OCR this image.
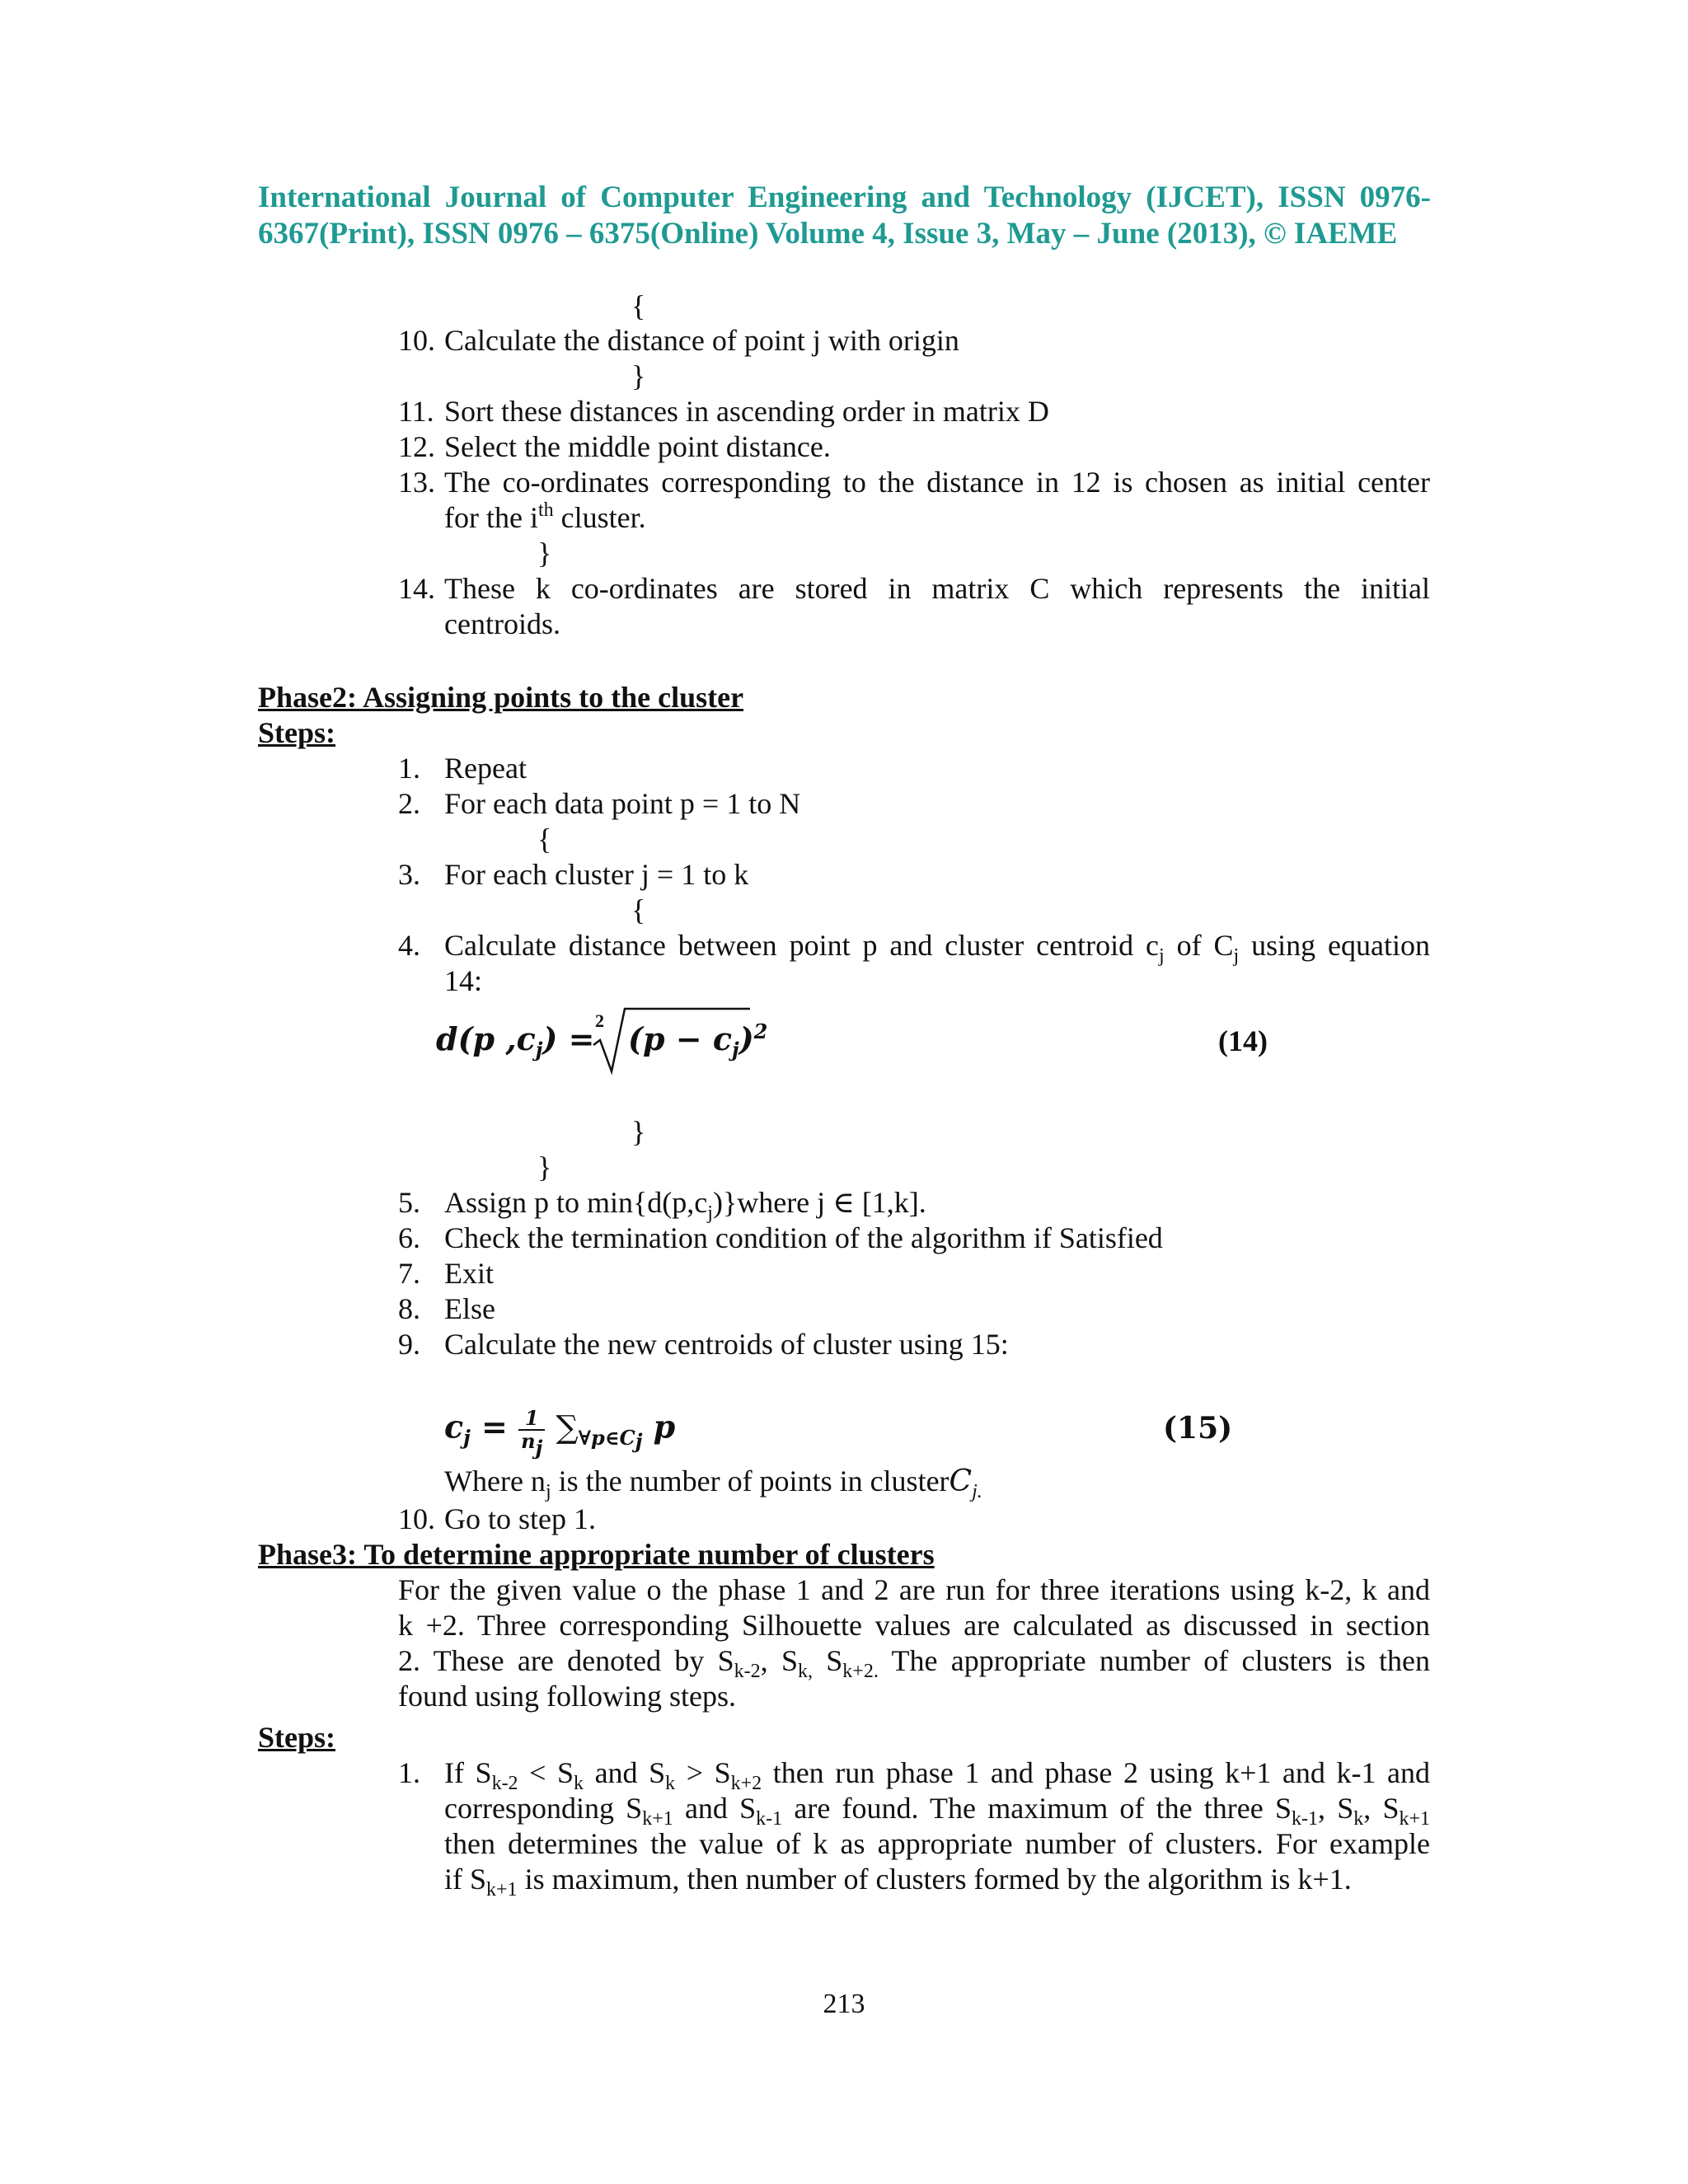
International Journal of Computer Engineering and Technology (IJCET), ISSN 0976-6367(Print), ISSN 0976 – 6375(Online) Volume 4, Issue 3, May – June (2013), © IAEME
{
10. Calculate the distance of point j with origin
}
11. Sort these distances in ascending order in matrix D
12. Select the middle point distance.
13. The co-ordinates corresponding to the distance in 12 is chosen as initial center
for the $i^{th}$ cluster.
}
14. These k co-ordinates are stored in matrix C which represents the initial
centroids.
Phase2: Assigning points to the cluster
Steps:
1. Repeat
2. For each data point p = 1 to N
{
3. For each cluster j = 1 to k
{
4. Calculate distance between point p and cluster centroid $c_j$ of $C_j$ using equation
14:
d(p $,c_j) = 2$ $(p - c_j)^2$	(14)
}
}
5. Assign p to $\min\{d(p,c_j)\}where$ j ∈ [1,k].
6. Check the termination condition of the algorithm if Satisfied
7. Exit
8. Else
9. Calculate the new centroids of cluster using 15:
$c_j = \frac{1}{n_j} \sum_{\forall p\in C_j}$ p	(15)
Where $n_j$ is the number of points in clusterC$_{j.}$
10. Go to step 1.
Phase3: To determine appropriate number of clusters
For the given value o the phase 1 and 2 are run for three iterations using k-2, k and
k +2. Three corresponding Silhouette values are calculated as discussed in section
2. These are denoted by $S_{k-2}$, $S_{k,}$ $S_{k+2.}$ The appropriate number of clusters is then
found using following steps.
Steps:
1. If $S_{k-2} < S_k$ and $S_k > S_{k+2}$ then run phase 1 and phase 2 using k+1 and k-1 and
corresponding $S_{k+1}$ and $S_{k-1}$ are found. The maximum of the three $S_{k-1}$, $S_k$, $S_{k+1}$
then determines the value of k as appropriate number of clusters. For example
if $S_{k+1}$ is maximum, then number of clusters formed by the algorithm is k+1.
213
